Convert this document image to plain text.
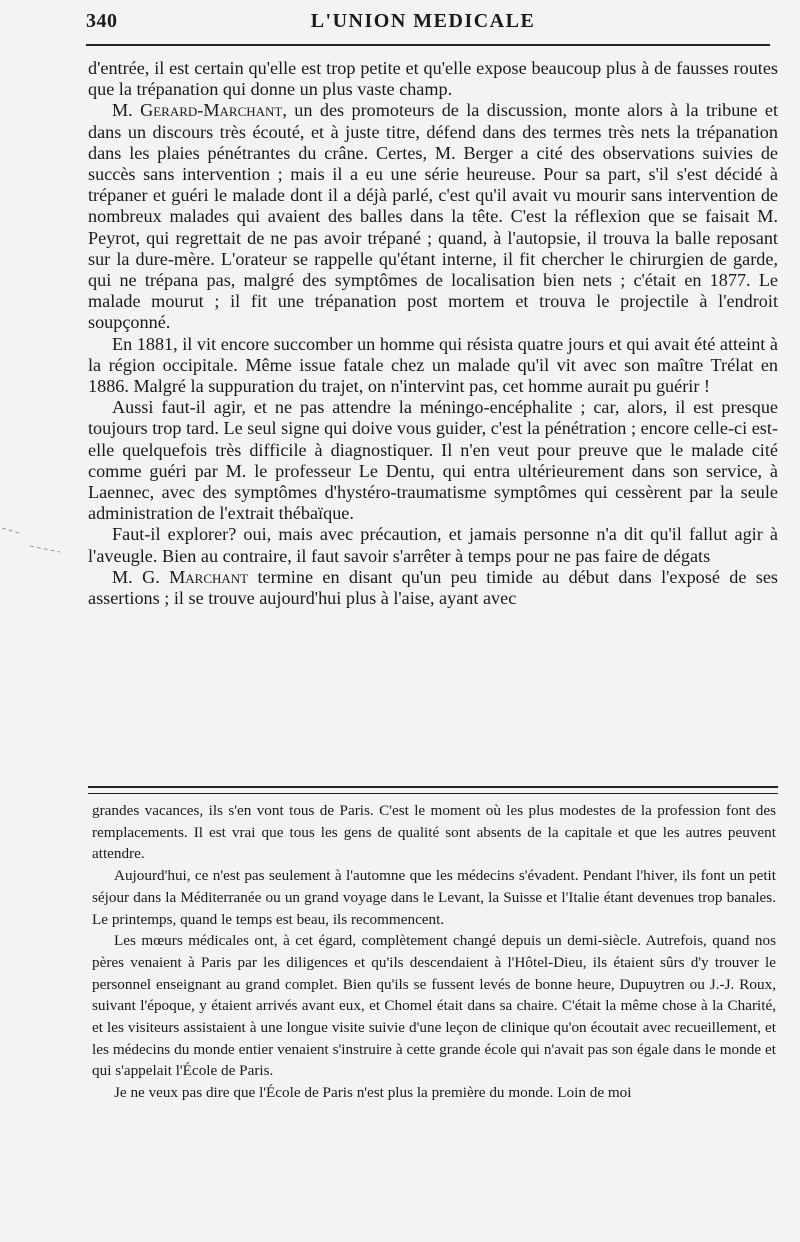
340	L'UNION MEDICALE

d'entrée, il est certain qu'elle est trop petite et qu'elle expose beaucoup plus à de fausses routes que la trépanation qui donne un plus vaste champ.

M. Gerard-Marchant, un des promoteurs de la discussion, monte alors à la tribune et dans un discours très écouté, et à juste titre, défend dans des termes très nets la trépanation dans les plaies pénétrantes du crâne. Certes, M. Berger a cité des observations suivies de succès sans intervention ; mais il a eu une série heureuse. Pour sa part, s'il s'est décidé à trépaner et guéri le malade dont il a déjà parlé, c'est qu'il avait vu mourir sans intervention de nombreux malades qui avaient des balles dans la tête. C'est la réflexion que se faisait M. Peyrot, qui regrettait de ne pas avoir trépané ; quand, à l'autopsie, il trouva la balle reposant sur la dure-mère. L'orateur se rappelle qu'étant interne, il fit chercher le chirurgien de garde, qui ne trépana pas, malgré des symptômes de localisation bien nets ; c'était en 1877. Le malade mourut ; il fit une trépanation post mortem et trouva le projectile à l'endroit soupçonné.

En 1881, il vit encore succomber un homme qui résista quatre jours et qui avait été atteint à la région occipitale. Même issue fatale chez un malade qu'il vit avec son maître Trélat en 1886. Malgré la suppuration du trajet, on n'intervint pas, cet homme aurait pu guérir !

Aussi faut-il agir, et ne pas attendre la méningo-encéphalite ; car, alors, il est presque toujours trop tard. Le seul signe qui doive vous guider, c'est la pénétration ; encore celle-ci est-elle quelquefois très difficile à diagnostiquer. Il n'en veut pour preuve que le malade cité comme guéri par M. le professeur Le Dentu, qui entra ultérieurement dans son service, à Laennec, avec des symptômes d'hystéro-traumatisme symptômes qui cessèrent par la seule administration de l'extrait thébaïque.

Faut-il explorer? oui, mais avec précaution, et jamais personne n'a dit qu'il fallut agir à l'aveugle. Bien au contraire, il faut savoir s'arrêter à temps pour ne pas faire de dégats

M. G. Marchant termine en disant qu'un peu timide au début dans l'exposé de ses assertions ; il se trouve aujourd'hui plus à l'aise, ayant avec

grandes vacances, ils s'en vont tous de Paris. C'est le moment où les plus modestes de la profession font des remplacements. Il est vrai que tous les gens de qualité sont absents de la capitale et que les autres peuvent attendre.

Aujourd'hui, ce n'est pas seulement à l'automne que les médecins s'évadent. Pendant l'hiver, ils font un petit séjour dans la Méditerranée ou un grand voyage dans le Levant, la Suisse et l'Italie étant devenues trop banales. Le printemps, quand le temps est beau, ils recommencent.

Les mœurs médicales ont, à cet égard, complètement changé depuis un demi-siècle. Autrefois, quand nos pères venaient à Paris par les diligences et qu'ils descendaient à l'Hôtel-Dieu, ils étaient sûrs d'y trouver le personnel enseignant au grand complet. Bien qu'ils se fussent levés de bonne heure, Dupuytren ou J.-J. Roux, suivant l'époque, y étaient arrivés avant eux, et Chomel était dans sa chaire. C'était la même chose à la Charité, et les visiteurs assistaient à une longue visite suivie d'une leçon de clinique qu'on écoutait avec recueillement, et les médecins du monde entier venaient s'instruire à cette grande école qui n'avait pas son égale dans le monde et qui s'appelait l'École de Paris.

Je ne veux pas dire que l'École de Paris n'est plus la première du monde. Loin de moi
